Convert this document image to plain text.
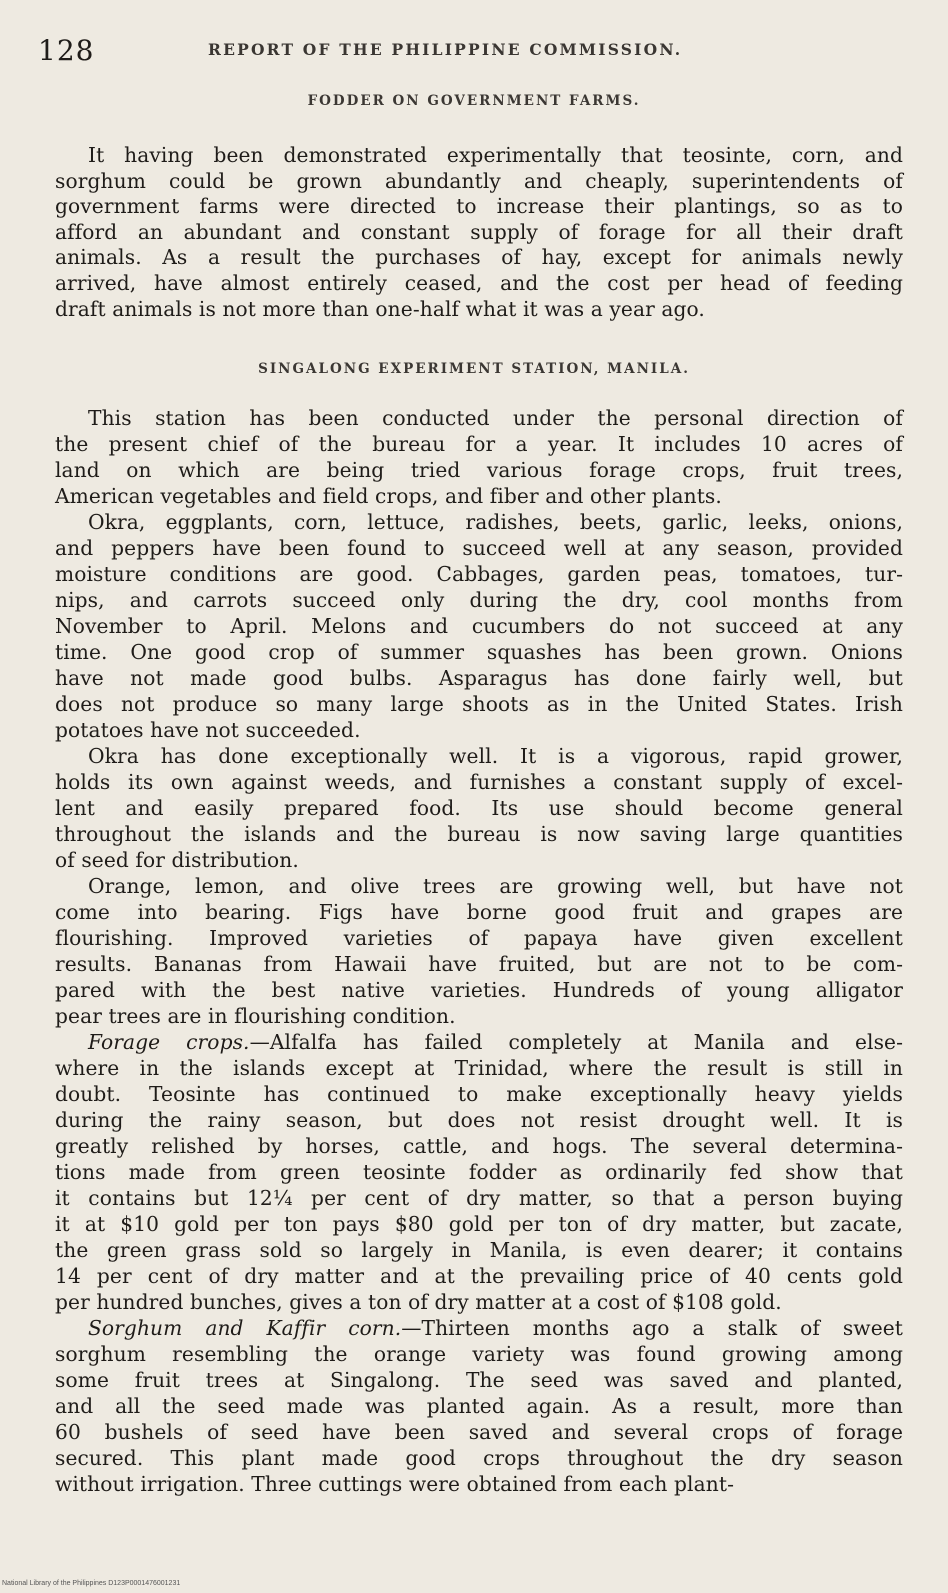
128	REPORT OF THE PHILIPPINE COMMISSION.
FODDER ON GOVERNMENT FARMS.
It having been demonstrated experimentally that teosinte, corn, and
sorghum could be grown abundantly and cheaply, superintendents of
government farms were directed to increase their plantings, so as to
afford an abundant and constant supply of forage for all their draft
animals. As a result the purchases of hay, except for animals newly
arrived, have almost entirely ceased, and the cost per head of feeding
draft animals is not more than one-half what it was a year ago.
SINGALONG EXPERIMENT STATION, MANILA.
This station has been conducted under the personal direction of
the present chief of the bureau for a year. It includes 10 acres of
land on which are being tried various forage crops, fruit trees,
American vegetables and field crops, and fiber and other plants.
Okra, eggplants, corn, lettuce, radishes, beets, garlic, leeks, onions,
and peppers have been found to succeed well at any season, provided
moisture conditions are good. Cabbages, garden peas, tomatoes, tur-
nips, and carrots succeed only during the dry, cool months from
November to April. Melons and cucumbers do not succeed at any
time. One good crop of summer squashes has been grown. Onions
have not made good bulbs. Asparagus has done fairly well, but
does not produce so many large shoots as in the United States. Irish
potatoes have not succeeded.
Okra has done exceptionally well. It is a vigorous, rapid grower,
holds its own against weeds, and furnishes a constant supply of excel-
lent and easily prepared food. Its use should become general
throughout the islands and the bureau is now saving large quantities
of seed for distribution.
Orange, lemon, and olive trees are growing well, but have not
come into bearing. Figs have borne good fruit and grapes are
flourishing. Improved varieties of papaya have given excellent
results. Bananas from Hawaii have fruited, but are not to be com-
pared with the best native varieties. Hundreds of young alligator
pear trees are in flourishing condition.
Forage crops.—Alfalfa has failed completely at Manila and else-
where in the islands except at Trinidad, where the result is still in
doubt. Teosinte has continued to make exceptionally heavy yields
during the rainy season, but does not resist drought well. It is
greatly relished by horses, cattle, and hogs. The several determina-
tions made from green teosinte fodder as ordinarily fed show that
it contains but 12¼ per cent of dry matter, so that a person buying
it at $10 gold per ton pays $80 gold per ton of dry matter, but zacate,
the green grass sold so largely in Manila, is even dearer; it contains
14 per cent of dry matter and at the prevailing price of 40 cents gold
per hundred bunches, gives a ton of dry matter at a cost of $108 gold.
Sorghum and Kaffir corn.—Thirteen months ago a stalk of sweet
sorghum resembling the orange variety was found growing among
some fruit trees at Singalong. The seed was saved and planted,
and all the seed made was planted again. As a result, more than
60 bushels of seed have been saved and several crops of forage
secured. This plant made good crops throughout the dry season
without irrigation. Three cuttings were obtained from each plant-
National Library of the Philippines D123P0001476001231
